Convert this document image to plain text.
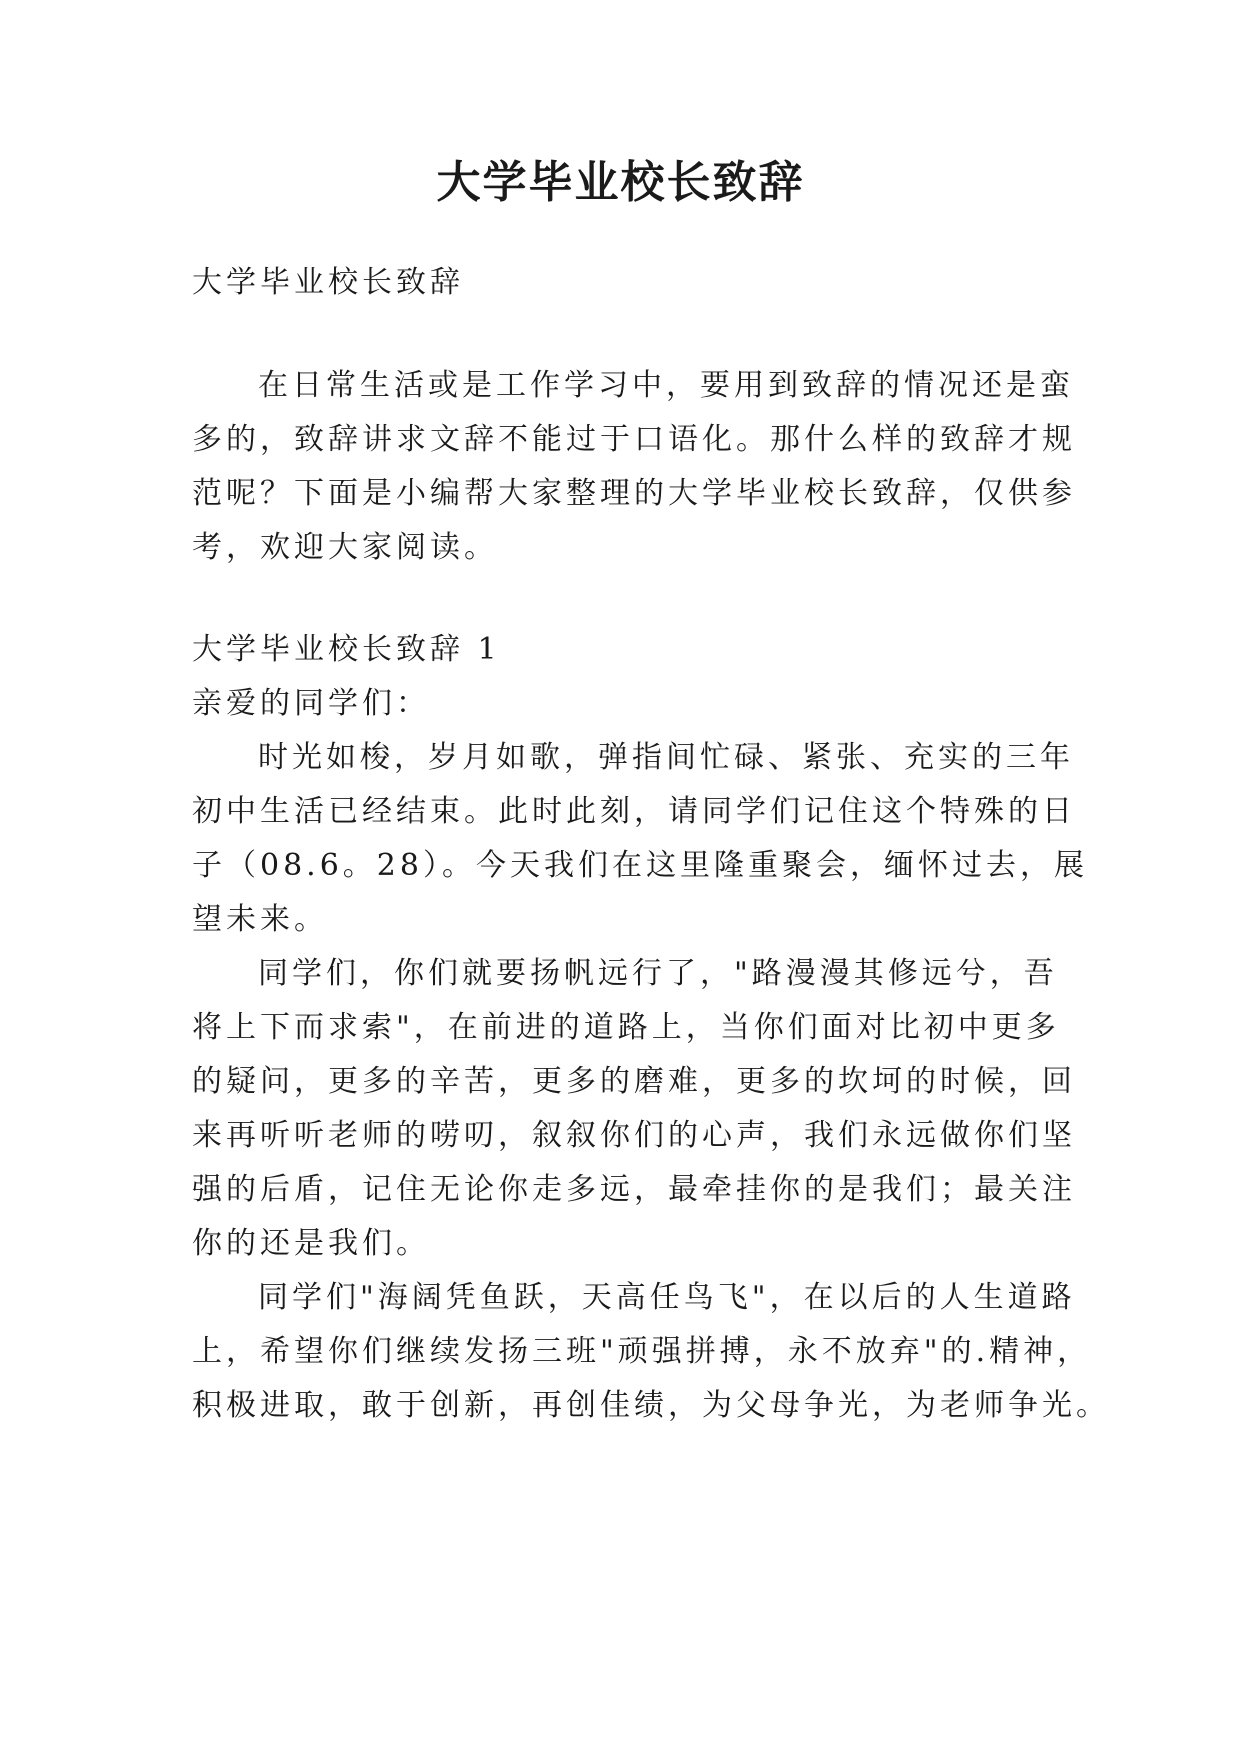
大学毕业校长致辞

大学毕业校长致辞

在日常生活或是工作学习中，要用到致辞的情况还是蛮

多的，致辞讲求文辞不能过于口语化。那什么样的致辞才规

范呢？下面是小编帮大家整理的大学毕业校长致辞，仅供参

考，欢迎大家阅读。

大学毕业校长致辞 1

亲爱的同学们：

时光如梭，岁月如歌，弹指间忙碌、紧张、充实的三年

初中生活已经结束。此时此刻，请同学们记住这个特殊的日

子（08.6。28）。今天我们在这里隆重聚会，缅怀过去，展

望未来。

同学们，你们就要扬帆远行了，"路漫漫其修远兮，吾

将上下而求索"，在前进的道路上，当你们面对比初中更多

的疑问，更多的辛苦，更多的磨难，更多的坎坷的时候，回

来再听听老师的唠叨，叙叙你们的心声，我们永远做你们坚

强的后盾，记住无论你走多远，最牵挂你的是我们；最关注

你的还是我们。

同学们"海阔凭鱼跃，天高任鸟飞"，在以后的人生道路

上，希望你们继续发扬三班"顽强拼搏，永不放弃"的.精神，

积极进取，敢于创新，再创佳绩，为父母争光，为老师争光。
